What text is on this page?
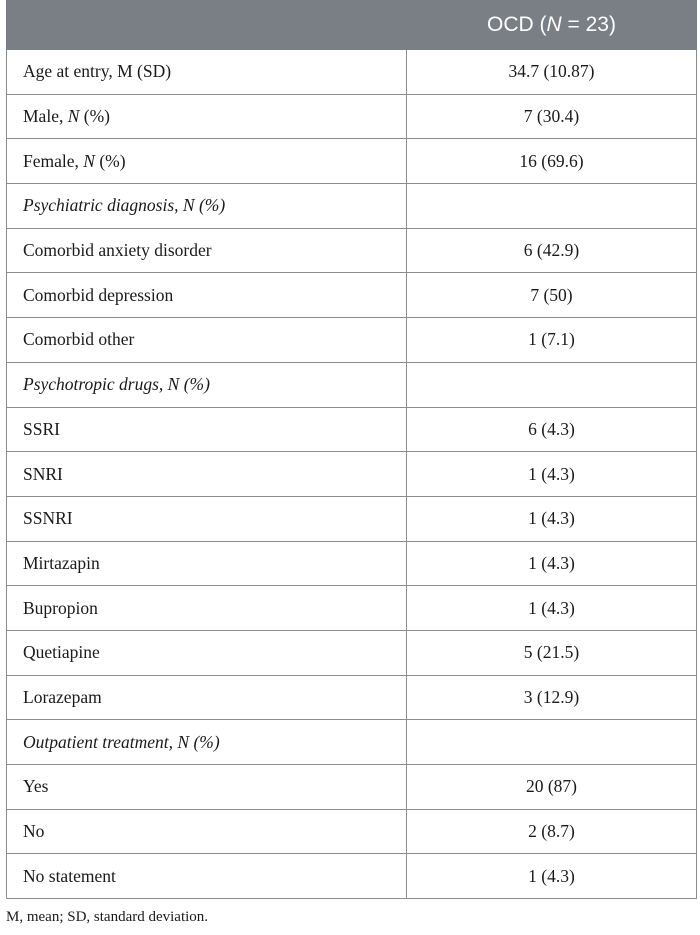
	OCD (N = 23)
Age at entry, M (SD)	34.7 (10.87)
Male, N (%)	7 (30.4)
Female, N (%)	16 (69.6)
Psychiatric diagnosis, N (%)	
Comorbid anxiety disorder	6 (42.9)
Comorbid depression	7 (50)
Comorbid other	1 (7.1)
Psychotropic drugs, N (%)	
SSRI	6 (4.3)
SNRI	1 (4.3)
SSNRI	1 (4.3)
Mirtazapin	1 (4.3)
Bupropion	1 (4.3)
Quetiapine	5 (21.5)
Lorazepam	3 (12.9)
Outpatient treatment, N (%)	
Yes	20 (87)
No	2 (8.7)
No statement	1 (4.3)
M, mean; SD, standard deviation.
